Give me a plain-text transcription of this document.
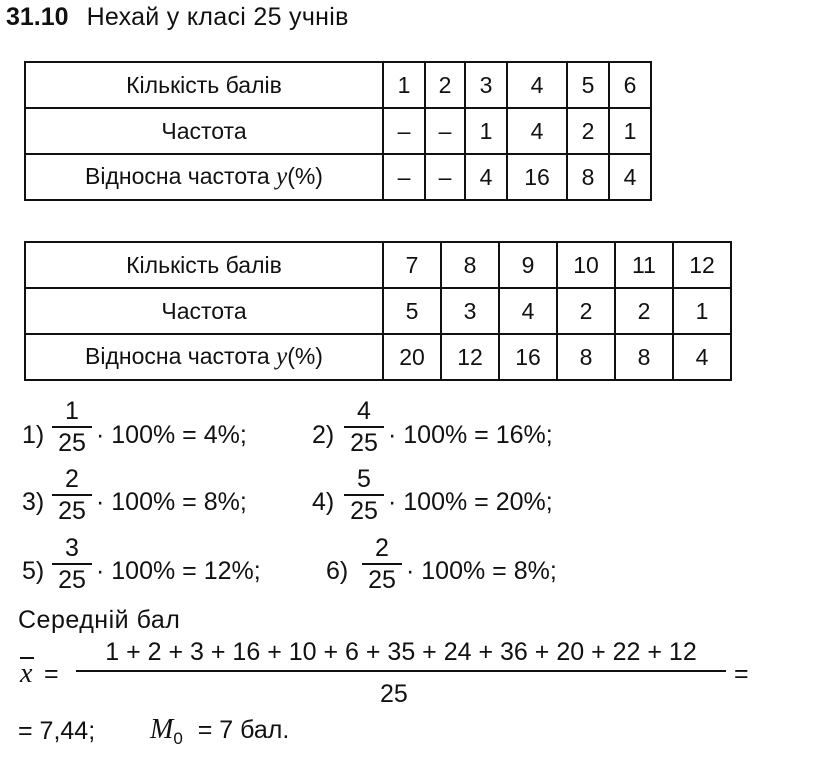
31.10 Нехай у класі 25 учнів
Кількість балів	1	2	3	4	5	6
Частота	–	–	1	4	2	1
Відносна частота y(%)	–	–	4	16	8	4
Кількість балів	7	8	9	10	11	12
Частота	5	3	4	2	2	1
Відносна частота y(%)	20	12	16	8	8	4
1)
1
25 · 100% = 4%;	2)
4
25 · 100% = 16%;
3)
2
25 · 100% = 8%;	4)
5
25 · 100% = 20%;
5)
3
25 · 100% = 12%;	6)
2
25 · 100% = 8%;
Середній бал
x =
1 + 2 + 3 + 16 + 10 + 6 + 35 + 24 + 36 + 20 + 22 + 12
25
=
= 7,44; $M_0 = 7$ бал.
